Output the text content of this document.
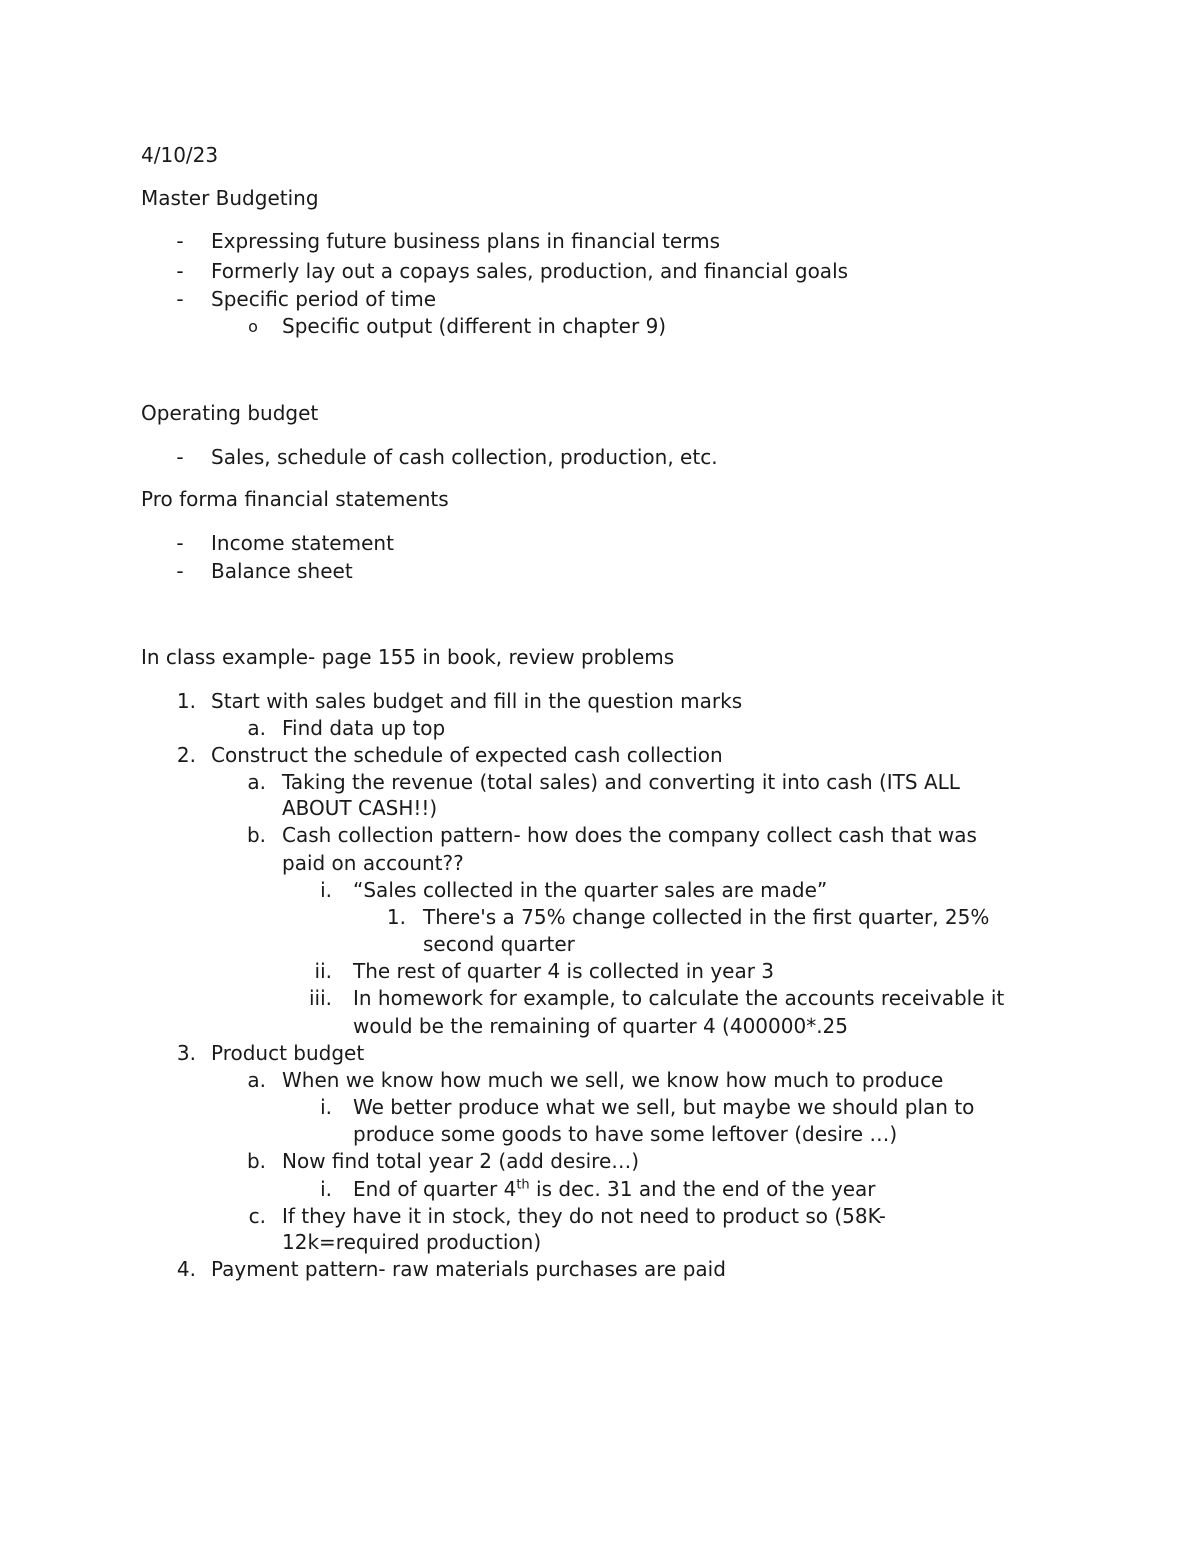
4/10/23
Master Budgeting
- Expressing future business plans in financial terms
- Formerly lay out a copays sales, production, and financial goals
- Specific period of time
o Specific output (different in chapter 9)
Operating budget
- Sales, schedule of cash collection, production, etc.
Pro forma financial statements
- Income statement
- Balance sheet
In class example- page 155 in book, review problems
1. Start with sales budget and fill in the question marks
a. Find data up top
2. Construct the schedule of expected cash collection
a. Taking the revenue (total sales) and converting it into cash (ITS ALL
ABOUT CASH!!)
b. Cash collection pattern- how does the company collect cash that was
paid on account??
i. “Sales collected in the quarter sales are made”
1. There's a 75% change collected in the first quarter, 25%
second quarter
ii. The rest of quarter 4 is collected in year 3
iii. In homework for example, to calculate the accounts receivable it
would be the remaining of quarter 4 (400000*.25
3. Product budget
a. When we know how much we sell, we know how much to produce
i. We better produce what we sell, but maybe we should plan to
produce some goods to have some leftover (desire …)
b. Now find total year 2 (add desire…)
i. End of quarter 4th is dec. 31 and the end of the year
c. If they have it in stock, they do not need to product so (58K-
12k=required production)
4. Payment pattern- raw materials purchases are paid
